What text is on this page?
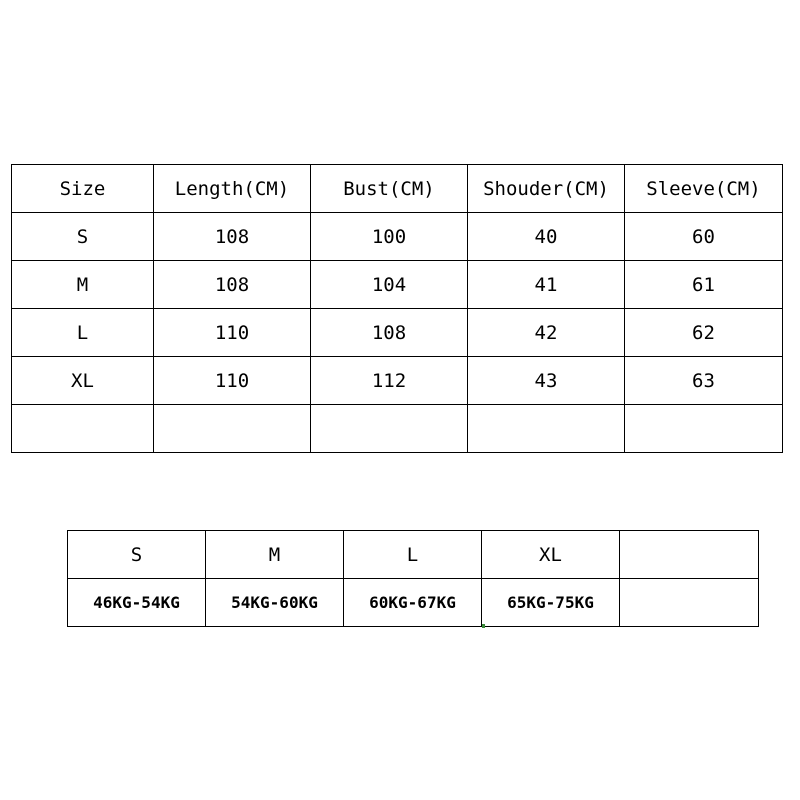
Size	Length(CM)	Bust(CM)	Shouder(CM)	Sleeve(CM)
S	108	100	40	60
M	108	104	41	61
L	110	108	42	62
XL	110	112	43	63

S	M	L	XL	
46KG-54KG	54KG-60KG	60KG-67KG	65KG-75KG	
